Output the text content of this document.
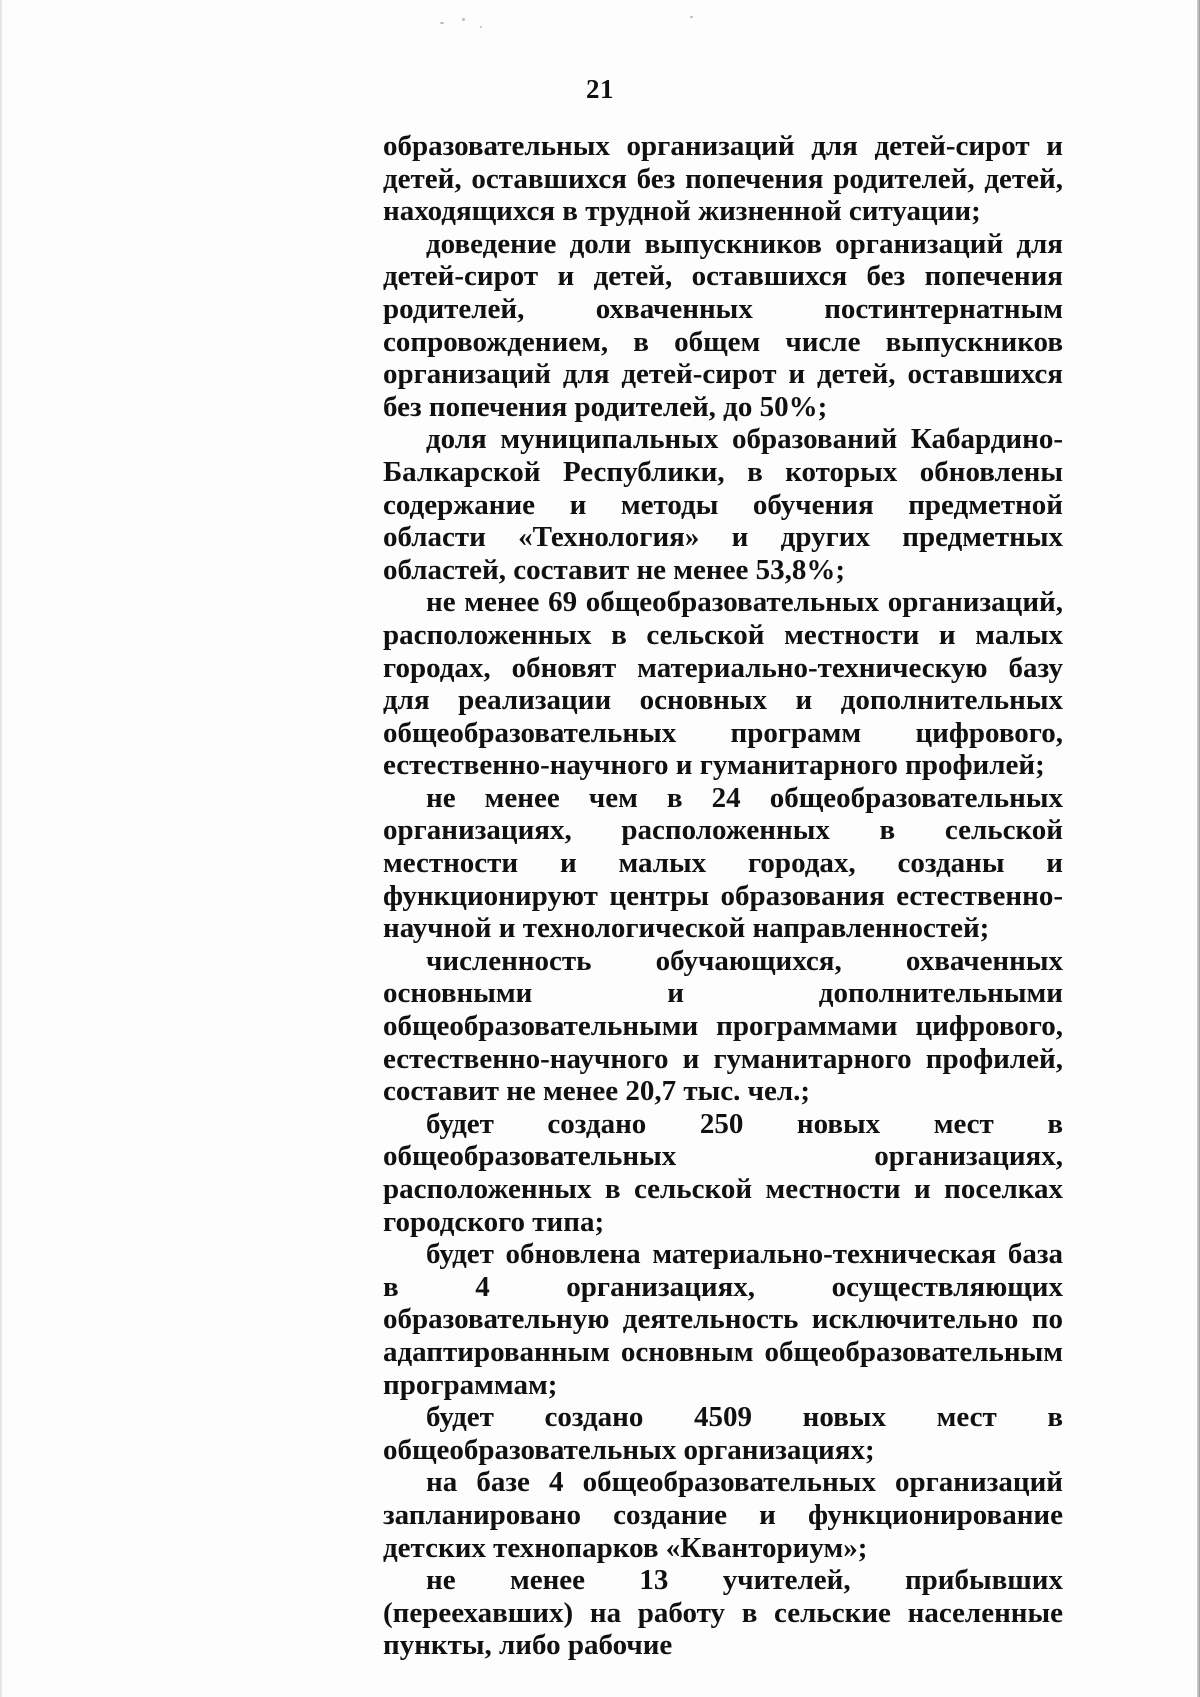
21

образовательных организаций для детей-сирот и детей, оставшихся без попечения родителей, детей, находящихся в трудной жизненной ситуации;

доведение доли выпускников организаций для детей-сирот и детей, оставшихся без попечения родителей, охваченных постинтернатным сопровождением, в общем числе выпускников организаций для детей-сирот и детей, оставшихся без попечения родителей, до 50%;

доля муниципальных образований Кабардино-Балкарской Республики, в которых обновлены содержание и методы обучения предметной области «Технология» и других предметных областей, составит не менее 53,8%;

не менее 69 общеобразовательных организаций, расположенных в сельской местности и малых городах, обновят материально-техническую базу для реализации основных и дополнительных общеобразовательных программ цифрового, естественно-научного и гуманитарного профилей;

не менее чем в 24 общеобразовательных организациях, расположенных в сельской местности и малых городах, созданы и функционируют центры образования естественно-научной и технологической направленностей;

численность обучающихся, охваченных основными и дополнительными общеобразовательными программами цифрового, естественно-научного и гуманитарного профилей, составит не менее 20,7 тыс. чел.;

будет создано 250 новых мест в общеобразовательных организациях, расположенных в сельской местности и поселках городского типа;

будет обновлена материально-техническая база в 4 организациях, осуществляющих образовательную деятельность исключительно по адаптированным основным общеобразовательным программам;

будет создано 4509 новых мест в общеобразовательных организациях;

на базе 4 общеобразовательных организаций запланировано создание и функционирование детских технопарков «Кванториум»;

не менее 13 учителей, прибывших (переехавших) на работу в сельские населенные пункты, либо рабочие
